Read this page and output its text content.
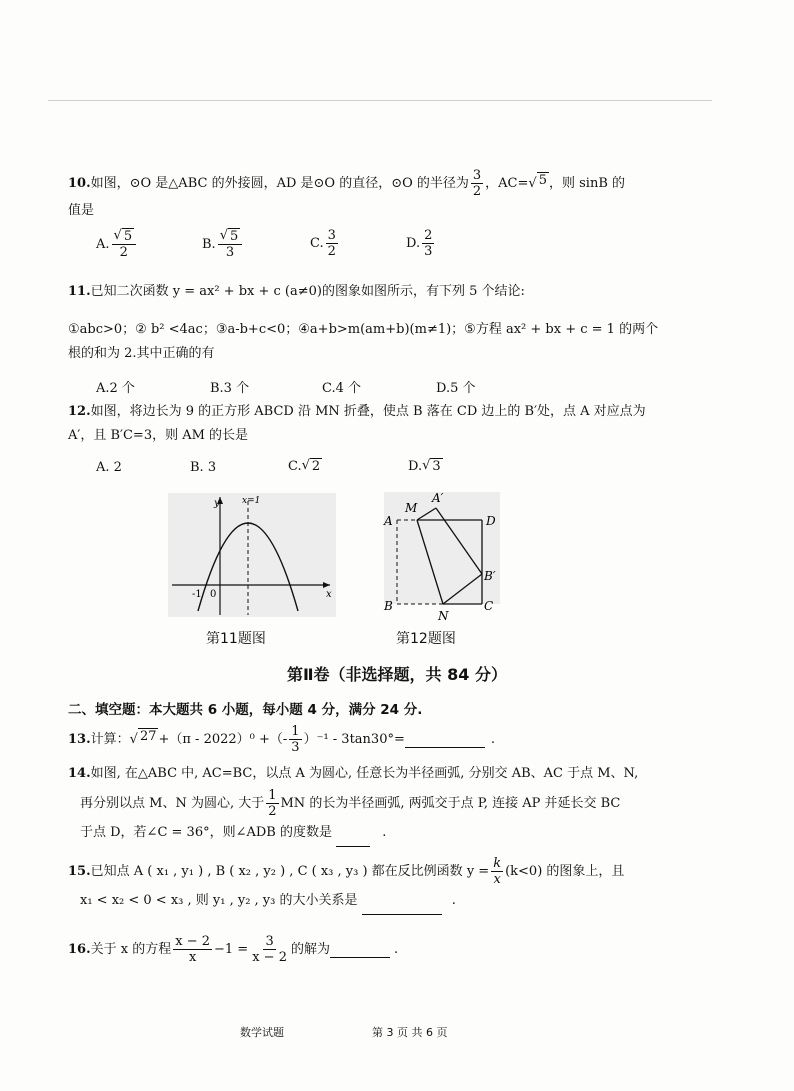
10. 如图，⊙O 是△ABC 的外接圆，AD 是⊙O 的直径，⊙O 的半径为 $\frac{3}{2}$ ，AC= √ 5 ，则 sinB 的
值是
A. $\frac{√ 5}{2}$	B. $\frac{√ 5}{3}$	C. $\frac{3}{2}$	D. $\frac{2}{3}$
11.已知二次函数 y = ax² + bx + c (a≠0)的图象如图所示，有下列 5 个结论:
①abc>0；② b² <4ac；③a-b+c<0；④a+b>m(am+b)(m≠1)；⑤方程 ax² + bx + c = 1 的两个
根的和为 2.其中正确的有
A.2 个	B.3 个	C.4 个	D.5 个
12.如图，将边长为 9 的正方形 ABCD 沿 MN 折叠，使点 B 落在 CD 边上的 B′处，点 A 对应点为
A′，且 B′C=3，则 AM 的长是
A. 2	B. 3	C. √ 2	D. √ 3
y
x
x=1
-1 0
第11题图
A
M
A′
D
B′
B
N
C
第12题图
第Ⅱ卷（非选择题，共 84 分）
二、填空题：本大题共 6 小题，每小题 4 分，满分 24 分.
13. 计算： √ 27 +（π - 2022）⁰ +（- $\frac{1}{3} )^{-1} - 3\tan 30^\circ=$	.
14.如图, 在△ABC 中, AC=BC，以点 A 为圆心, 任意长为半径画弧, 分别交 AB、AC 于点 M、N,
再分别以点 M、N 为圆心, 大于 $\frac{1}{2}$ MN 的长为半径画弧, 两弧交于点 P, 连接 AP 并延长交 BC
于点 D，若∠C = 36°，则∠ADB 的度数是	.
15. 已知点 A ( x₁ , y₁ ) , B ( x₂ , y₂ ) , C ( x₃ , y₃ ) 都在反比例函数 $y = \frac{k}{x} (k<0)$ 的图象上，且
x₁ < x₂ < 0 < x₃ , 则 y₁ , y₂ , y₃ 的大小关系是	.
16. 关于 x 的方程 $\frac{x - 2}{x} -1 = \frac{3}{x - 2}$ 的解为	.
数学试题	第 3 页 共 6 页
